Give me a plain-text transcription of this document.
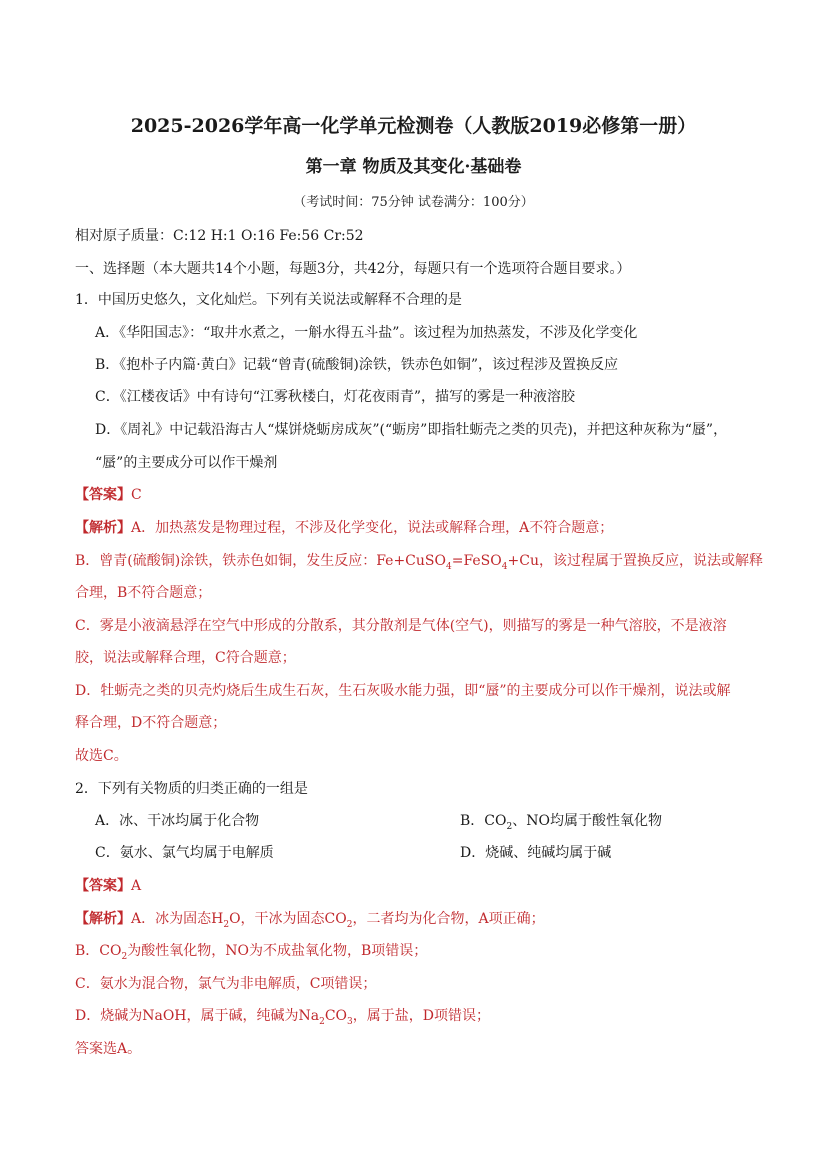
2025-2026学年高一化学单元检测卷（人教版2019必修第一册）
第一章 物质及其变化·基础卷
（考试时间：75分钟 试卷满分：100分）
相对原子质量：C:12 H:1 O:16 Fe:56 Cr:52
一、选择题（本大题共14个小题，每题3分，共42分，每题只有一个选项符合题目要求。）
1．中国历史悠久，文化灿烂。下列有关说法或解释不合理的是
A．《华阳国志》：“取井水煮之，一斛水得五斗盐”。该过程为加热蒸发，不涉及化学变化
B．《抱朴子内篇·黄白》记载“曾青(硫酸铜)涂铁，铁赤色如铜”，该过程涉及置换反应
C．《江楼夜话》中有诗句“江雾秋楼白，灯花夜雨青”，描写的雾是一种液溶胶
D．《周礼》中记载沿海古人“煤饼烧蛎房成灰”(“蛎房”即指牡蛎壳之类的贝壳)，并把这种灰称为“蜃”，
“蜃”的主要成分可以作干燥剂
【答案】C
【解析】A．加热蒸发是物理过程，不涉及化学变化，说法或解释合理，A不符合题意；
B．曾青(硫酸铜)涂铁，铁赤色如铜，发生反应：Fe+CuSO$_4$=FeSO$_4$+Cu，该过程属于置换反应，说法或解释
合理，B不符合题意；
C．雾是小液滴悬浮在空气中形成的分散系，其分散剂是气体(空气)，则描写的雾是一种气溶胶，不是液溶
胶，说法或解释合理，C符合题意；
D．牡蛎壳之类的贝壳灼烧后生成生石灰，生石灰吸水能力强，即“蜃”的主要成分可以作干燥剂，说法或解
释合理，D不符合题意；
故选C。
2．下列有关物质的归类正确的一组是
A．冰、干冰均属于化合物	B．$CO_2$、NO均属于酸性氧化物
C．氨水、氯气均属于电解质	D．烧碱、纯碱均属于碱
【答案】A
【解析】A．冰为固态$H_2O$，干冰为固态$CO_2$，二者均为化合物，A项正确；
B．$CO_2$为酸性氧化物，NO为不成盐氧化物，B项错误；
C．氨水为混合物，氯气为非电解质，C项错误；
D．烧碱为NaOH，属于碱，纯碱为$Na_2CO_3$，属于盐，D项错误；
答案选A。
